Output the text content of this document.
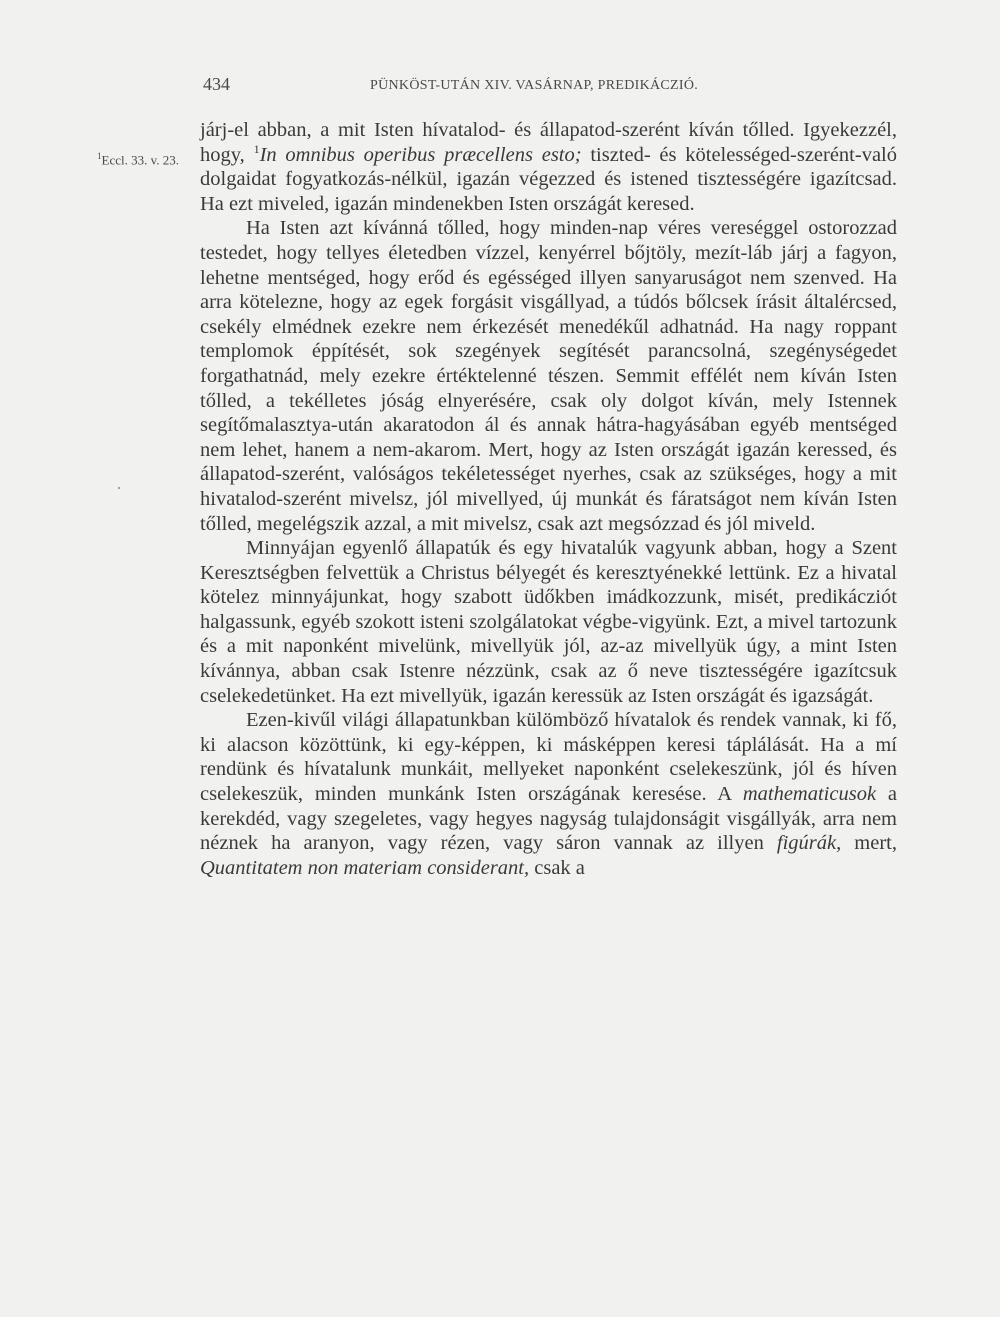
434	PÜNKÖST-UTÁN XIV. VASÁRNAP, PREDIKÁCZIÓ.
$^1$Eccl. 33. v. 23.

járj-el abban, a mit Isten hívatalod- és állapatod-szerént kíván tőlled. Igyekezzél, hogy, $^1$In omnibus operibus præcellens esto; tiszted- és kötelességed-szerént-való dolgaidat fogyatkozás-nélkül, igazán végezzed és istened tisztességére igazítcsad. Ha ezt miveled, igazán mindenekben Isten országát keresed.

Ha Isten azt kívánná tőlled, hogy minden-nap véres vereséggel ostorozzad testedet, hogy tellyes életedben vízzel, kenyérrel bőjtöly, mezít-láb járj a fagyon, lehetne mentséged, hogy erőd és egésséged illyen sanyaruságot nem szenved. Ha arra kötelezne, hogy az egek forgásit visgállyad, a túdós bőlcsek írásit általércsed, csekély elmédnek ezekre nem érkezését menedékűl adhatnád. Ha nagy roppant templomok éppítését, sok szegények segítését parancsolná, szegénységedet forgathatnád, mely ezekre értéktelenné tészen. Semmit effélét nem kíván Isten tőlled, a tekélletes jóság elnyerésére, csak oly dolgot kíván, mely Istennek segítőmalasztya-után akaratodon ál és annak hátra-hagyásában egyéb mentséged nem lehet, hanem a nem-akarom. Mert, hogy az Isten országát igazán keressed, és állapatod-szerént, valóságos tekéletességet nyerhes, csak az szükséges, hogy a mit hivatalod-szerént mivelsz, jól mivellyed, új munkát és fáratságot nem kíván Isten tőlled, megelégszik azzal, a mit mivelsz, csak azt megsózzad és jól miveld.

Minnyájan egyenlő állapatúk és egy hivatalúk vagyunk abban, hogy a Szent Keresztségben felvettük a Christus bélyegét és keresztyénekké lettünk. Ez a hivatal kötelez minnyájunkat, hogy szabott üdőkben imádkozzunk, misét, predikácziót halgassunk, egyéb szokott isteni szolgálatokat végbe-vigyünk. Ezt, a mivel tartozunk és a mit naponként mivelünk, mivellyük jól, az-az mivellyük úgy, a mint Isten kívánnya, abban csak Istenre nézzünk, csak az ő neve tisztességére igazítcsuk cselekedetünket. Ha ezt mivellyük, igazán keressük az Isten országát és igazságát.

Ezen-kivűl világi állapatunkban külömböző hívatalok és rendek vannak, ki fő, ki alacson közöttünk, ki egy-képpen, ki másképpen keresi táplálását. Ha a mí rendünk és hívatalunk munkáit, mellyeket naponként cselekeszünk, jól és híven cselekeszük, minden munkánk Isten országának keresése. A mathematicusok a kerekdéd, vagy szegeletes, vagy hegyes nagyság tulajdonságit visgállyák, arra nem néznek ha aranyon, vagy rézen, vagy sáron vannak az illyen figúrák, mert, Quantitatem non materiam considerant, csak a
